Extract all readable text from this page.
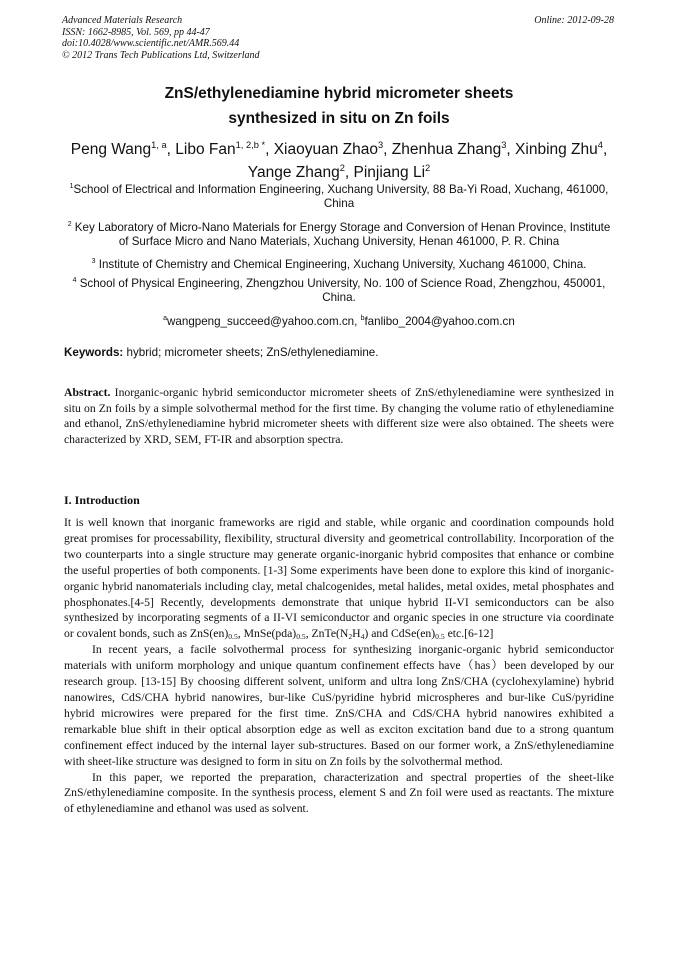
Advanced Materials Research
ISSN: 1662-8985, Vol. 569, pp 44-47
doi:10.4028/www.scientific.net/AMR.569.44
© 2012 Trans Tech Publications Ltd, Switzerland
Online: 2012-09-28
ZnS/ethylenediamine hybrid micrometer sheets
synthesized in situ on Zn foils
Peng Wang$^{1, a}$, Libo Fan$^{1, 2,b *}$, Xiaoyuan Zhao$^3$, Zhenhua Zhang$^3$, Xinbing Zhu$^4$,
Yange Zhang$^2$, Pinjiang Li$^2$
$^1$School of Electrical and Information Engineering, Xuchang University, 88 Ba-Yi Road, Xuchang, 461000, China
$^2$ Key Laboratory of Micro-Nano Materials for Energy Storage and Conversion of Henan Province, Institute of Surface Micro and Nano Materials, Xuchang University, Henan 461000, P. R. China
$^3$ Institute of Chemistry and Chemical Engineering, Xuchang University, Xuchang 461000, China.
$^4$ School of Physical Engineering, Zhengzhou University, No. 100 of Science Road, Zhengzhou, 450001, China.
$^a$wangpeng_succeed@yahoo.com.cn, $^b$fanlibo_2004@yahoo.com.cn
Keywords: hybrid; micrometer sheets; ZnS/ethylenediamine.
Abstract. Inorganic-organic hybrid semiconductor micrometer sheets of ZnS/ethylenediamine were synthesized in situ on Zn foils by a simple solvothermal method for the first time. By changing the volume ratio of ethylenediamine and ethanol, ZnS/ethylenediamine hybrid micrometer sheets with different size were also obtained. The sheets were characterized by XRD, SEM, FT-IR and absorption spectra.
I. Introduction

It is well known that inorganic frameworks are rigid and stable, while organic and coordination compounds hold great promises for processability, flexibility, structural diversity and geometrical controllability. Incorporation of the two counterparts into a single structure may generate organic-inorganic hybrid composites that enhance or combine the useful properties of both components. [1-3] Some experiments have been done to explore this kind of inorganic-organic hybrid nanomaterials including clay, metal chalcogenides, metal halides, metal oxides, metal phosphates and phosphonates.[4-5] Recently, developments demonstrate that unique hybrid II-VI semiconductors can be also synthesized by incorporating segments of a II-VI semiconductor and organic species in one structure via coordinate or covalent bonds, such as $ZnS(en)_{0.5}$, $MnSe(pda)_{0.5}$, $ZnTe(N_2H_4)$ and $CdSe(en)_{0.5}$ etc.[6-12]

In recent years, a facile solvothermal process for synthesizing inorganic-organic hybrid semiconductor materials with uniform morphology and unique quantum confinement effects have（has）been developed by our research group. [13-15] By choosing different solvent, uniform and ultra long ZnS/CHA (cyclohexylamine) hybrid nanowires, CdS/CHA hybrid nanowires, bur-like CuS/pyridine hybrid microspheres and bur-like CuS/pyridine hybrid microwires were prepared for the first time. ZnS/CHA and CdS/CHA hybrid nanowires exhibited a remarkable blue shift in their optical absorption edge as well as exciton excitation band due to a strong quantum confinement effect induced by the internal layer sub-structures. Based on our former work, a ZnS/ethylenediamine with sheet-like structure was designed to form in situ on Zn foils by the solvothermal method.

In this paper, we reported the preparation, characterization and spectral properties of the sheet-like ZnS/ethylenediamine composite. In the synthesis process, element S and Zn foil were used as reactants. The mixture of ethylenediamine and ethanol was used as solvent.
